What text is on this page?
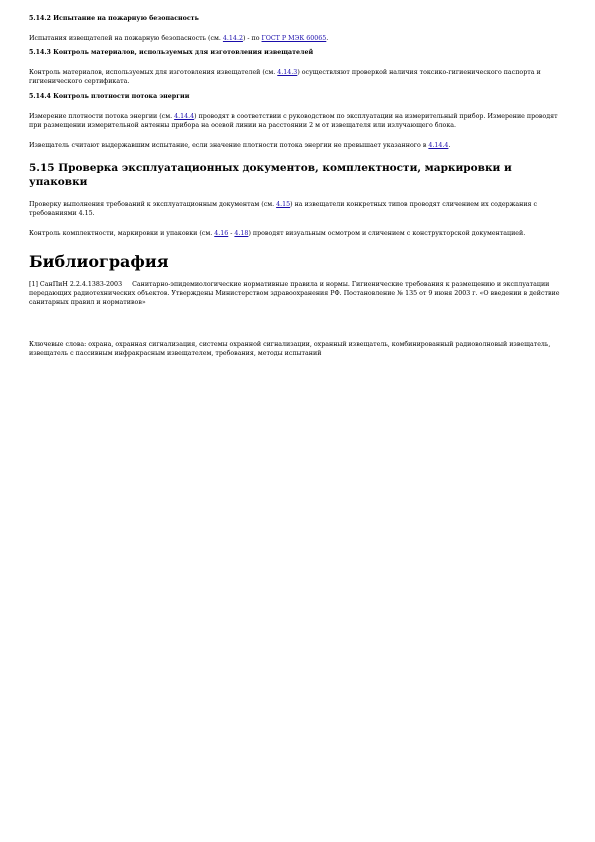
5.14.2 Испытание на пожарную безопасность

Испытания извещателей на пожарную безопасность (см. 4.14.2) - по ГОСТ Р МЭК 60065.

5.14.3 Контроль материалов, используемых для изготовления извещателей

Контроль материалов, используемых для изготовления извещателей (см. 4.14.3) осуществляют проверкой наличия токсико-гигиенического паспорта и гигиенического сертификата.

5.14.4 Контроль плотности потока энергии

Измерение плотности потока энергии (см. 4.14.4) проводят в соответствии с руководством по эксплуатации на измерительный прибор. Измерение проводят при размещении измерительной антенны прибора на осевой линии на расстоянии 2 м от извещателя или излучающего блока.

Извещатель считают выдержавшим испытание, если значение плотности потока энергии не превышает указанного в 4.14.4.

5.15 Проверка эксплуатационных документов, комплектности, маркировки и упаковки

Проверку выполнения требований к эксплуатационным документам (см. 4.15) на извещатели конкретных типов проводят сличением их содержания с требованиями 4.15.

Контроль комплектности, маркировки и упаковки (см. 4.16 - 4.18) проводят визуальным осмотром и сличением с конструкторской документацией.

Библиография

[1] СанПиН 2.2.4.1383-2003     Санитарно-эпидемиологические нормативные правила и нормы. Гигиенические требования к размещению и эксплуатации передающих радиотехнических объектов. Утверждены Министерством здравоохранения РФ. Постановление № 135 от 9 июня 2003 г. «О введении в действие санитарных правил и нормативов»

Ключевые слова: охрана, охранная сигнализация, системы охранной сигнализации, охранный извещатель, комбинированный радиоволновый извещатель, извещатель с пассивным инфракрасным извещателем, требования, методы испытаний
